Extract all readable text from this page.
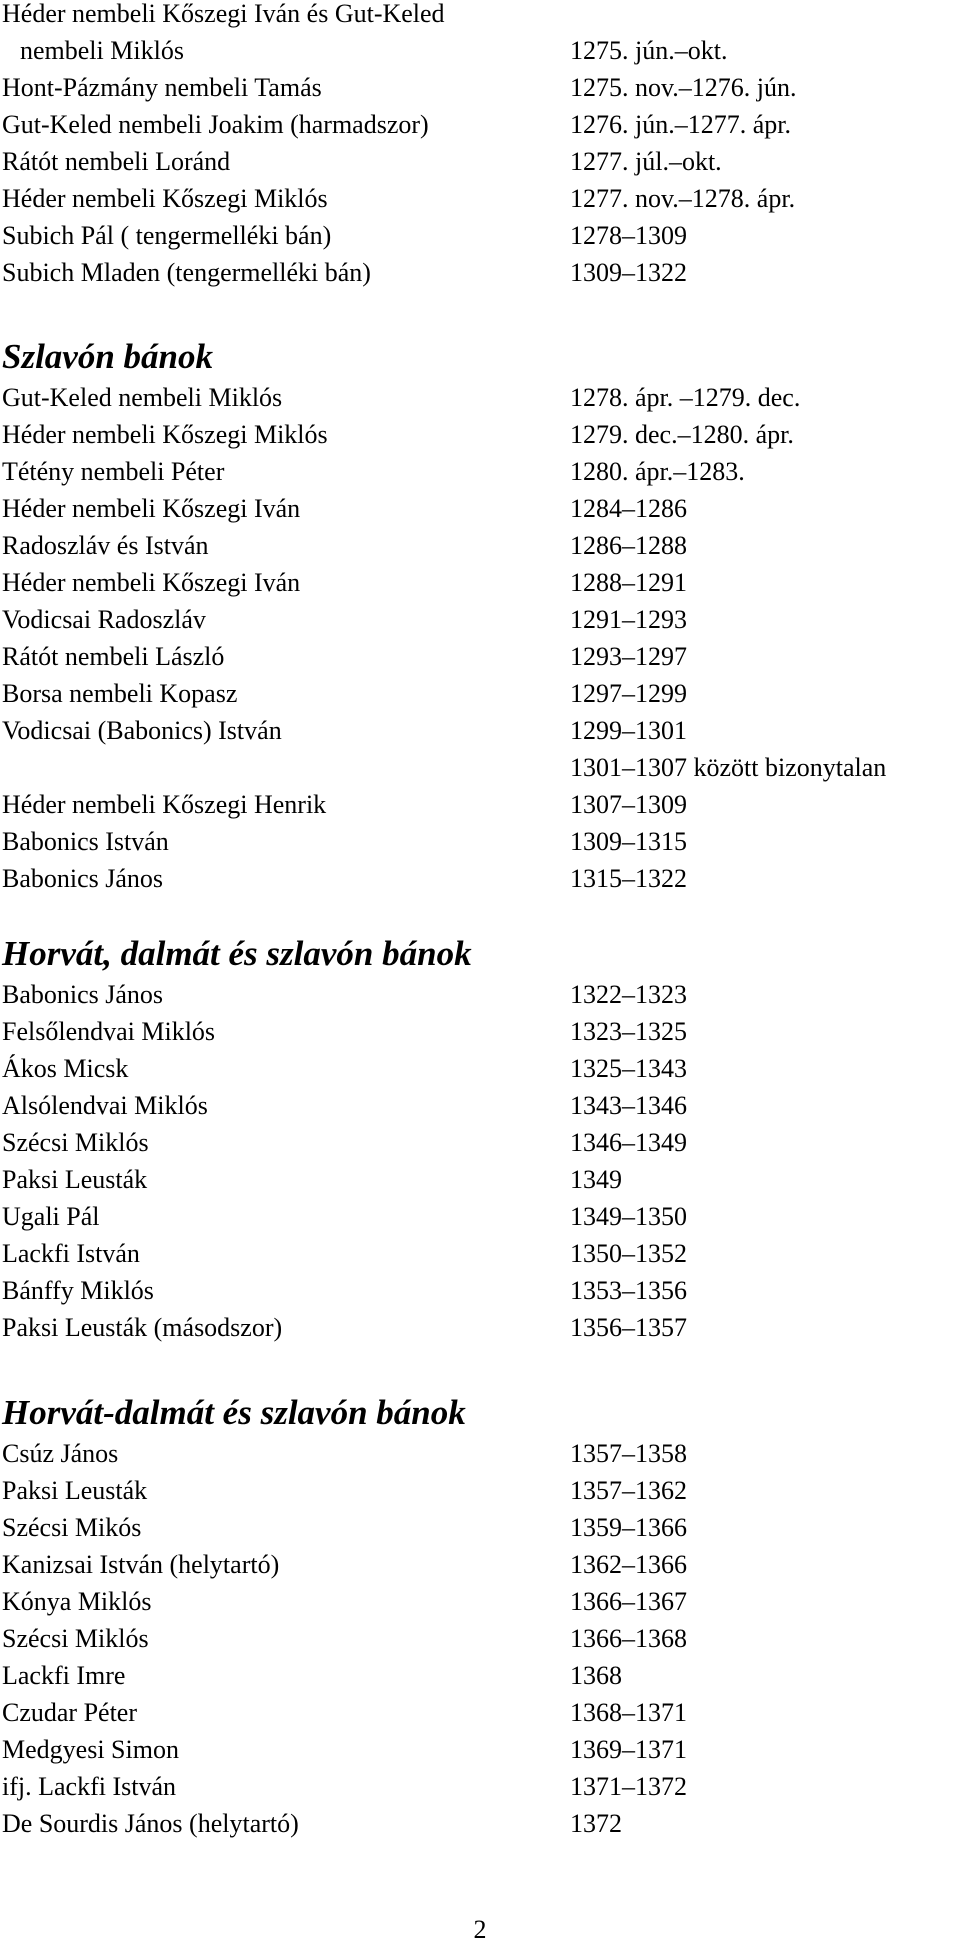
Héder nembeli Kőszegi Iván és Gut-Keled
nembeli Miklós	1275. jún.–okt.
Hont-Pázmány nembeli Tamás	1275. nov.–1276. jún.
Gut-Keled nembeli Joakim (harmadszor)	1276. jún.–1277. ápr.
Rátót nembeli Loránd	1277. júl.–okt.
Héder nembeli Kőszegi Miklós	1277. nov.–1278. ápr.
Subich Pál ( tengermelléki bán)	1278–1309
Subich Mladen (tengermelléki bán)	1309–1322
Szlavón bánok
Gut-Keled nembeli Miklós	1278. ápr. –1279. dec.
Héder nembeli Kőszegi Miklós	1279. dec.–1280. ápr.
Tétény nembeli Péter	1280. ápr.–1283.
Héder nembeli Kőszegi Iván	1284–1286
Radoszláv és István	1286–1288
Héder nembeli Kőszegi Iván	1288–1291
Vodicsai Radoszláv	1291–1293
Rátót nembeli László	1293–1297
Borsa nembeli Kopasz	1297–1299
Vodicsai (Babonics) István	1299–1301
1301–1307 között bizonytalan
Héder nembeli Kőszegi Henrik	1307–1309
Babonics István	1309–1315
Babonics János	1315–1322
Horvát, dalmát és szlavón bánok
Babonics János	1322–1323
Felsőlendvai Miklós	1323–1325
Ákos Micsk	1325–1343
Alsólendvai Miklós	1343–1346
Szécsi Miklós	1346–1349
Paksi Leusták	1349
Ugali Pál	1349–1350
Lackfi István	1350–1352
Bánffy Miklós	1353–1356
Paksi Leusták (másodszor)	1356–1357
Horvát-dalmát és szlavón bánok
Csúz János	1357–1358
Paksi Leusták	1357–1362
Szécsi Mikós	1359–1366
Kanizsai István (helytartó)	1362–1366
Kónya Miklós	1366–1367
Szécsi Miklós	1366–1368
Lackfi Imre	1368
Czudar Péter	1368–1371
Medgyesi Simon	1369–1371
ifj. Lackfi István	1371–1372
De Sourdis János (helytartó)	1372
2
